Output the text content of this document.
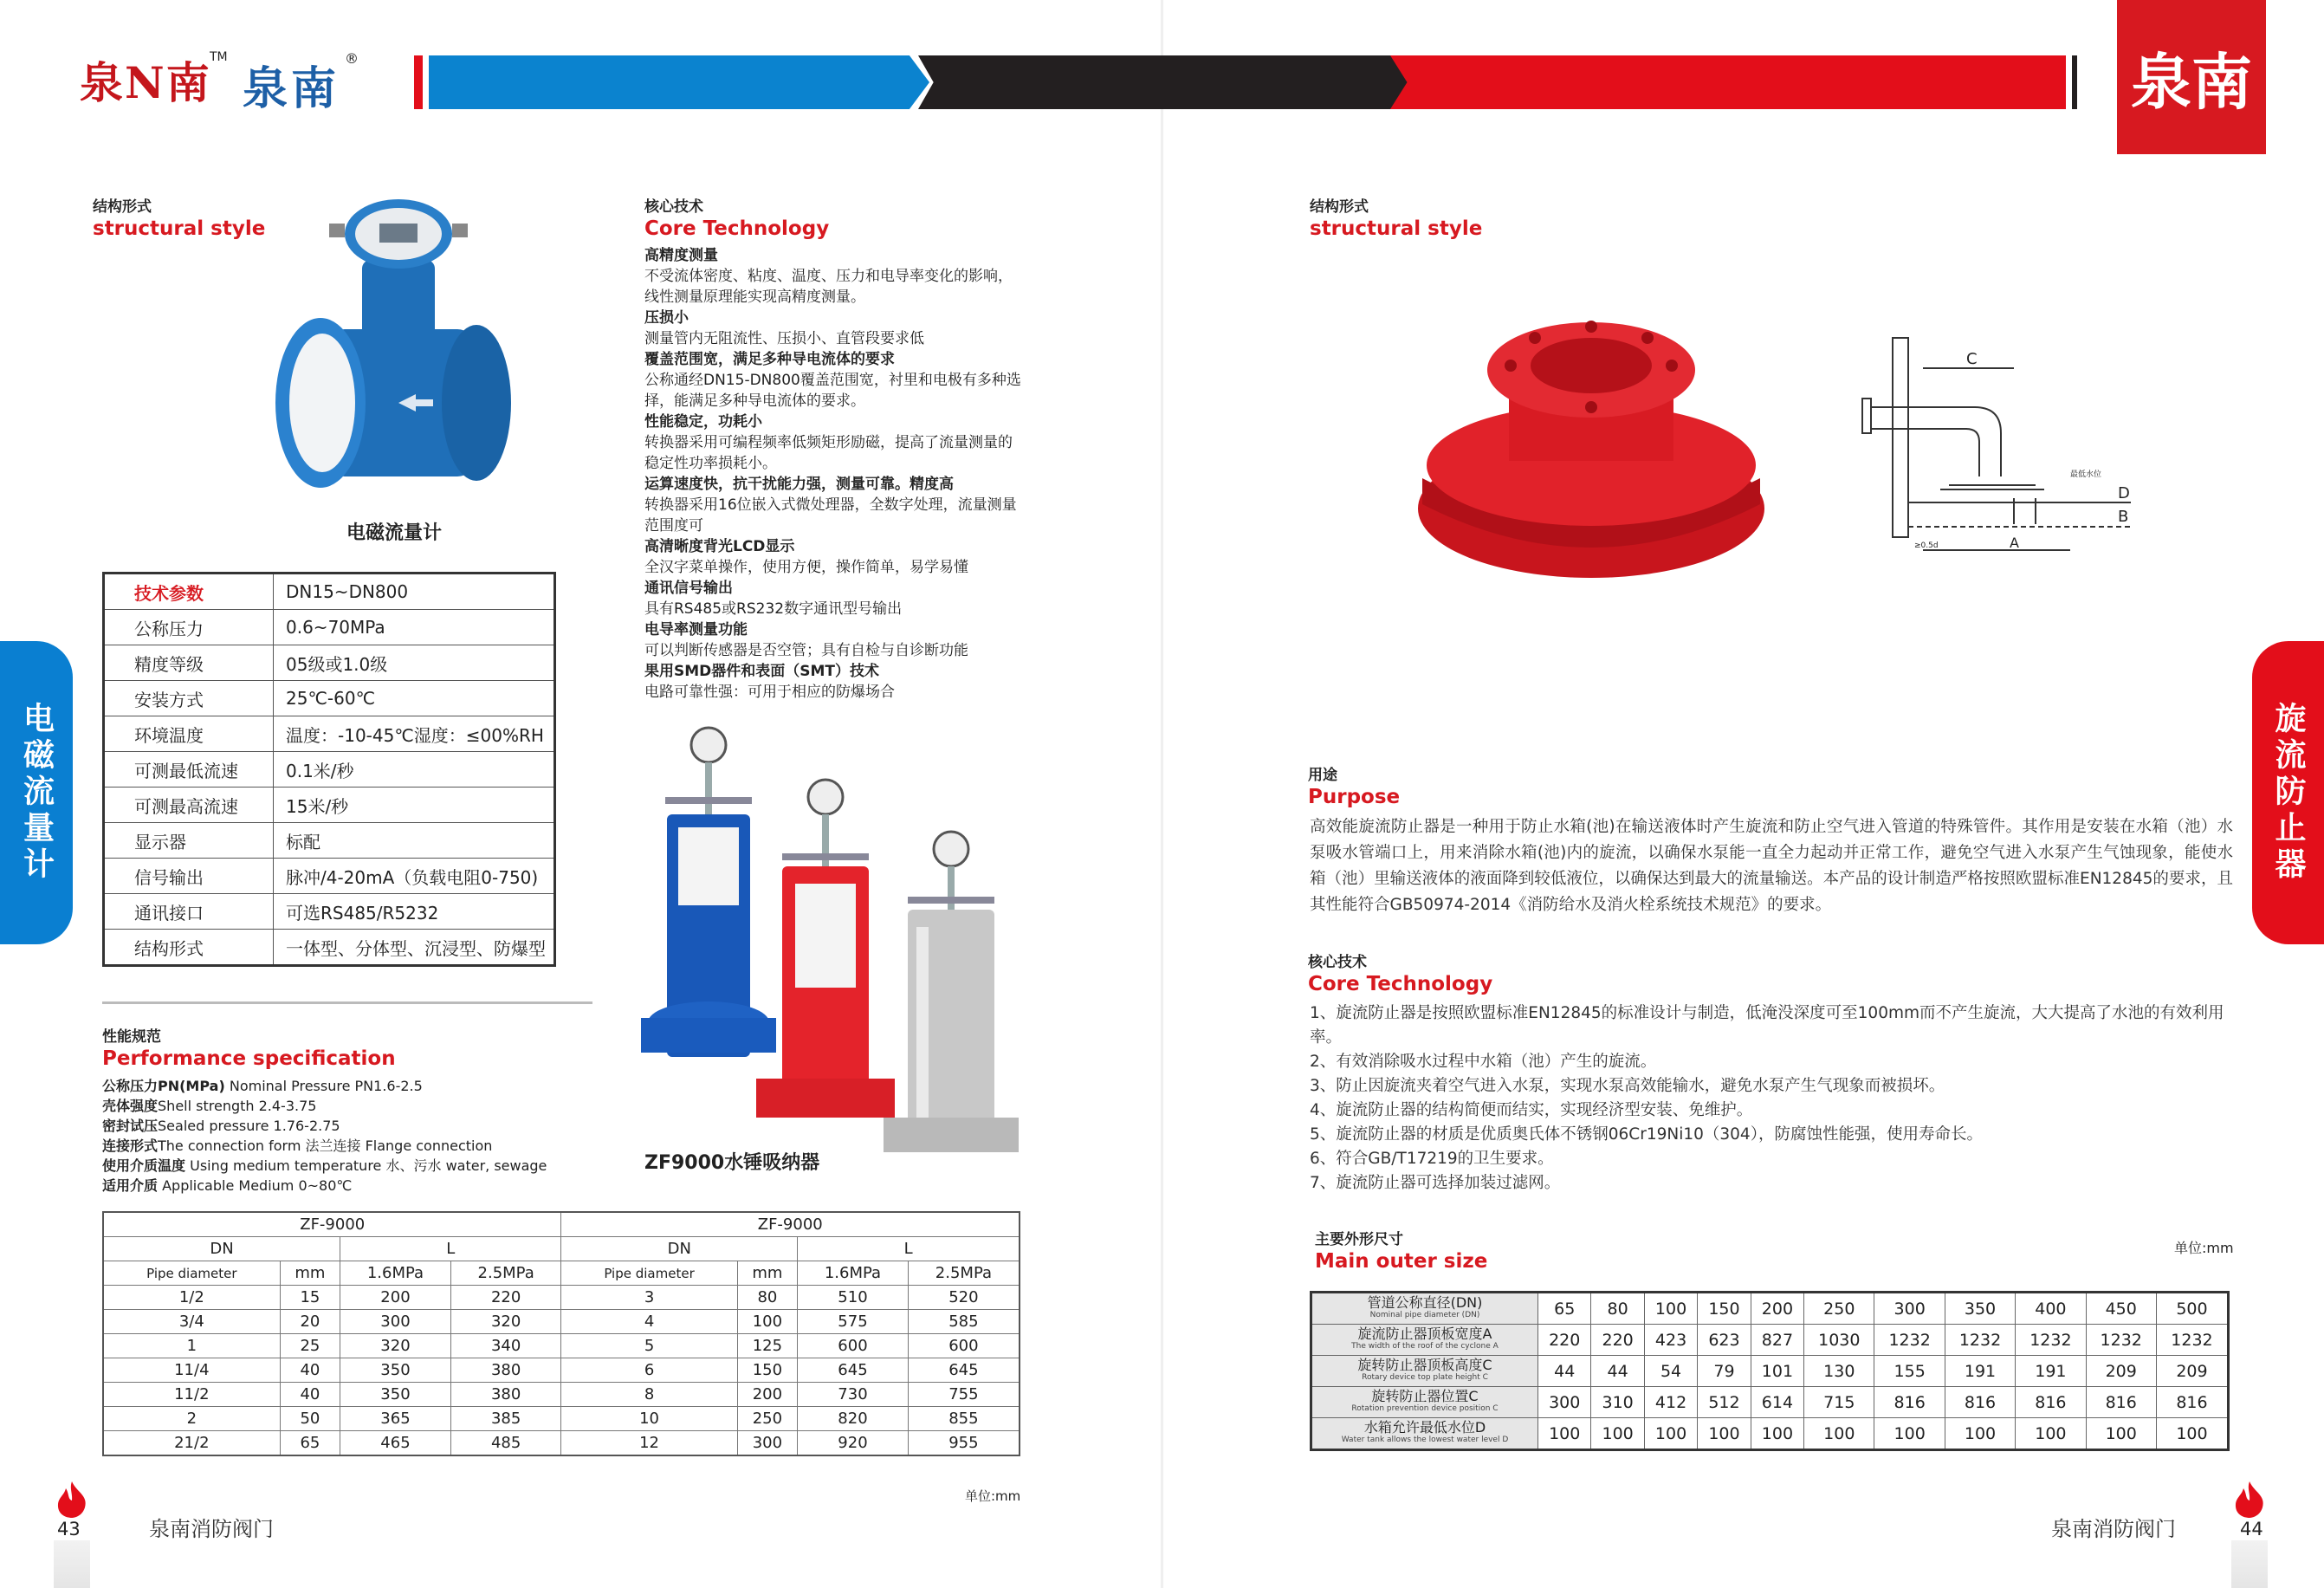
泉N南
TM
泉南
®	泉南
电磁流量计	旋流防止器
结构形式
structural style
电磁流量计
核心技术
Core Technology
高精度测量
不受流体密度、粘度、温度、压力和电导率变化的影响，线性测量原理能实现高精度测量。
压损小
测量管内无阻流性、压损小、直管段要求低
覆盖范围宽，满足多种导电流体的要求
公称通经DN15-DN800覆盖范围宽，衬里和电极有多种选择，能满足多种导电流体的要求。
性能稳定，功耗小
转换器采用可编程频率低频矩形励磁，提高了流量测量的稳定性功率损耗小。
运算速度快，抗干扰能力强，测量可靠。精度高
转换器采用16位嵌入式微处理器，全数字处理，流量测量范围度可
高清晰度背光LCD显示
全汉字菜单操作，使用方便，操作简单，易学易懂
通讯信号输出
具有RS485或RS232数字通讯型号输出
电导率测量功能
可以判断传感器是否空管；具有自检与自诊断功能
果用SMD器件和表面（SMT）技术
电路可靠性强：可用于相应的防爆场合
技术参数	DN15~DN800
公称压力	0.6~70MPa
精度等级	05级或1.0级
安装方式	25℃-60℃
环境温度	温度：-10-45℃湿度：≤00%RH
可测最低流速	0.1米/秒
可测最高流速	15米/秒
显示器	标配
信号输出	脉冲/4-20mA（负载电阻0-750)
通讯接口	可选RS485/R5232
结构形式	一体型、分体型、沉浸型、防爆型
性能规范
Performance specification
公称压力PN(MPa) Nominal Pressure PN1.6-2.5
壳体强度Shell strength 2.4-3.75
密封试压Sealed pressure 1.76-2.75
连接形式The connection form 法兰连接 Flange connection
使用介质温度 Using medium temperature 水、污水 water, sewage
适用介质 Applicable Medium 0~80℃
ZF9000水锤吸纳器
ZF-9000				ZF-9000			
DN		L		DN		L	
Pipe diameter	mm	1.6MPa	2.5MPa	Pipe diameter	mm	1.6MPa	2.5MPa
1/2	15	200	220	3	80	510	520
3/4	20	300	320	4	100	575	585
1	25	320	340	5	125	600	600
11/4	40	350	380	6	150	645	645
11/2	40	350	380	8	200	730	755
2	50	365	385	10	250	820	855
21/2	65	465	485	12	300	920	955
单位:mm
结构形式
structural style
C
D
B
A
≥0.5d
最低水位
用途
Purpose
高效能旋流防止器是一种用于防止水箱(池)在输送液体时产生旋流和防止空气进入管道的特殊管件。其作用是安装在水箱（池）水泵吸水管端口上，用来消除水箱(池)内的旋流，以确保水泵能一直全力起动并正常工作，避免空气进入水泵产生气蚀现象，能使水箱（池）里输送液体的液面降到较低液位，以确保达到最大的流量输送。本产品的设计制造严格按照欧盟标准EN12845的要求，且其性能符合GB50974-2014《消防给水及消火栓系统技术规范》的要求。
核心技术
Core Technology
1、旋流防止器是按照欧盟标准EN12845的标准设计与制造，低淹没深度可至100mm而不产生旋流，大大提高了水池的有效利用率。
2、有效消除吸水过程中水箱（池）产生的旋流。
3、防止因旋流夹着空气进入水泵，实现水泵高效能输水，避免水泵产生气现象而被损坏。
4、旋流防止器的结构简便而结实，实现经济型安装、免维护。
5、旋流防止器的材质是优质奥氏体不锈钢06Cr19Ni10（304），防腐蚀性能强，使用寿命长。
6、符合GB/T17219的卫生要求。
7、旋流防止器可选择加装过滤网。
主要外形尺寸
Main outer size
单位:mm
管道公称直径(DN)
Nominal pipe diameter (DN)	65	80	100	150	200	250	300	350	400	450	500

旋流防止器顶板宽度A
The width of the roof of the cyclone A	220	220	423	623	827	1030	1232	1232	1232	1232	1232

旋转防止器顶板高度C
Rotary device top plate height C	44	44	54	79	101	130	155	191	191	209	209

旋转防止器位置C
Rotation prevention device position C	300	310	412	512	614	715	816	816	816	816	816

水箱允许最低水位D
Water tank allows the lowest water level D	100	100	100	100	100	100	100	100	100	100	100
43	44
泉南消防阀门	泉南消防阀门
